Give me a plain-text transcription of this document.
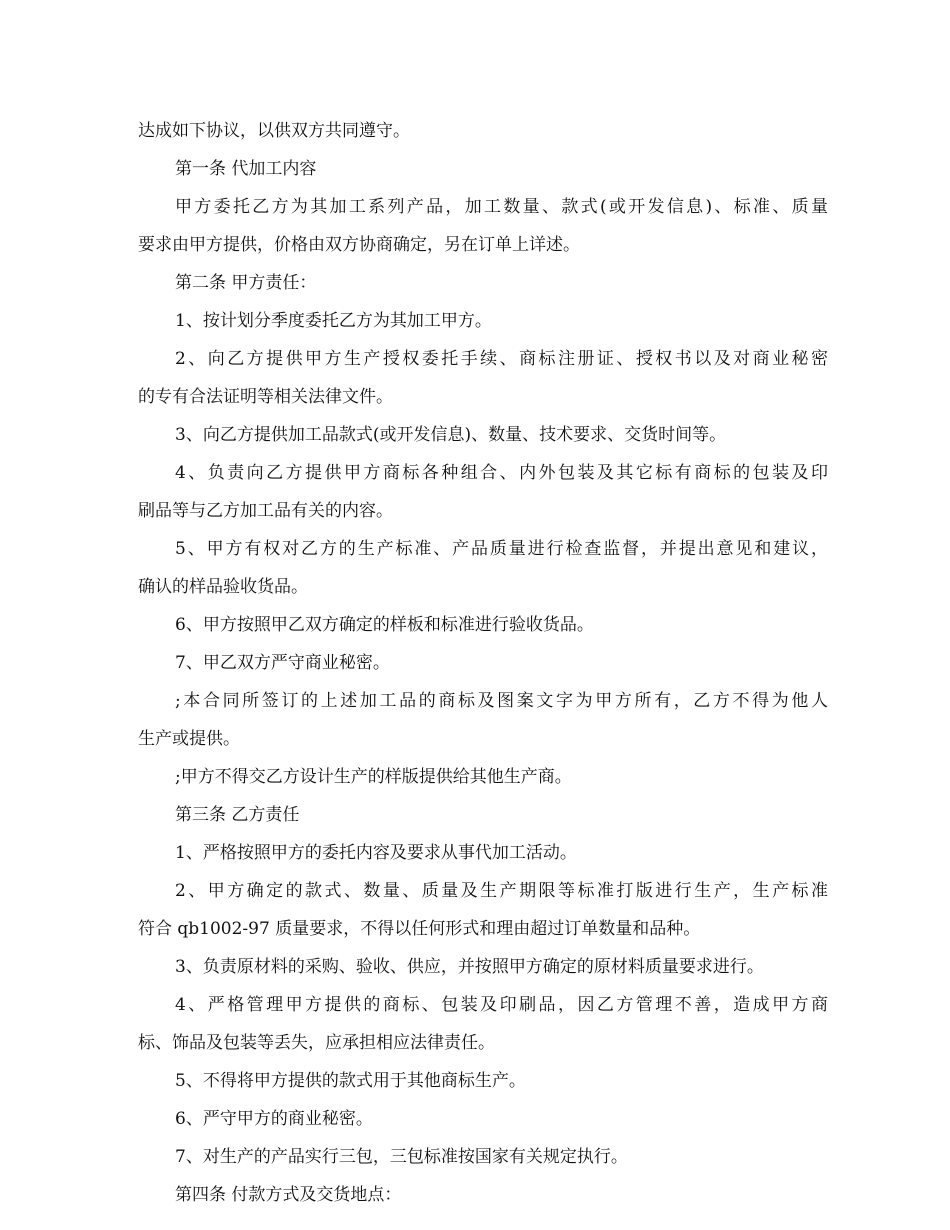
达成如下协议，以供双方共同遵守。
第一条 代加工内容
甲方委托乙方为其加工系列产品，加工数量、款式(或开发信息)、标准、质量
要求由甲方提供，价格由双方协商确定，另在订单上详述。
第二条 甲方责任：
1、按计划分季度委托乙方为其加工甲方。
2、向乙方提供甲方生产授权委托手续、商标注册证、授权书以及对商业秘密
的专有合法证明等相关法律文件。
3、向乙方提供加工品款式(或开发信息)、数量、技术要求、交货时间等。
4、负责向乙方提供甲方商标各种组合、内外包装及其它标有商标的包装及印
刷品等与乙方加工品有关的内容。
5、甲方有权对乙方的生产标准、产品质量进行检查监督，并提出意见和建议，
确认的样品验收货品。
6、甲方按照甲乙双方确定的样板和标准进行验收货品。
7、甲乙双方严守商业秘密。
;本合同所签订的上述加工品的商标及图案文字为甲方所有，乙方不得为他人
生产或提供。
;甲方不得交乙方设计生产的样版提供给其他生产商。
第三条 乙方责任
1、严格按照甲方的委托内容及要求从事代加工活动。
2、甲方确定的款式、数量、质量及生产期限等标准打版进行生产，生产标准
符合 qb1002-97 质量要求，不得以任何形式和理由超过订单数量和品种。
3、负责原材料的采购、验收、供应，并按照甲方确定的原材料质量要求进行。
4、严格管理甲方提供的商标、包装及印刷品，因乙方管理不善，造成甲方商
标、饰品及包装等丢失，应承担相应法律责任。
5、不得将甲方提供的款式用于其他商标生产。
6、严守甲方的商业秘密。
7、对生产的产品实行三包，三包标准按国家有关规定执行。
第四条 付款方式及交货地点：
